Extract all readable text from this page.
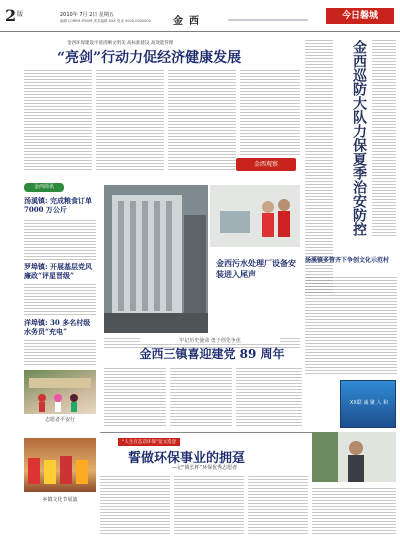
2 版	2010年 7月 2日 星期五
编辑 LOREM IPSUM 美术编辑 XXX 电话 0000-0000000 金西	今日磐城
金西环保建设字迹清晰文明美 高标准建设 高效能管理
“亮剑”行动力促经济健康发展
金西观察	金西巡防大队力保夏季治安防控
汤溪镇多管齐下争创文化示范村
XX联 诚 聚 人 和
金西简讯
汤溪镇: 完成粮食订单 7000 万公斤
罗埠镇: 开展基层党风廉政“评星晋级”
洋埠镇: 30 多名村级水务员“充电”
志愿者平安行
乡镇文化节展演
金西污水处理厂设备安装进入尾声
牢记历史使命 勇于创先争优
金西三镇喜迎建党 89 周年
“人生百态话环保”征文选登
誓做环保事业的拥趸
—记“镇长杯”环保优秀志愿者
